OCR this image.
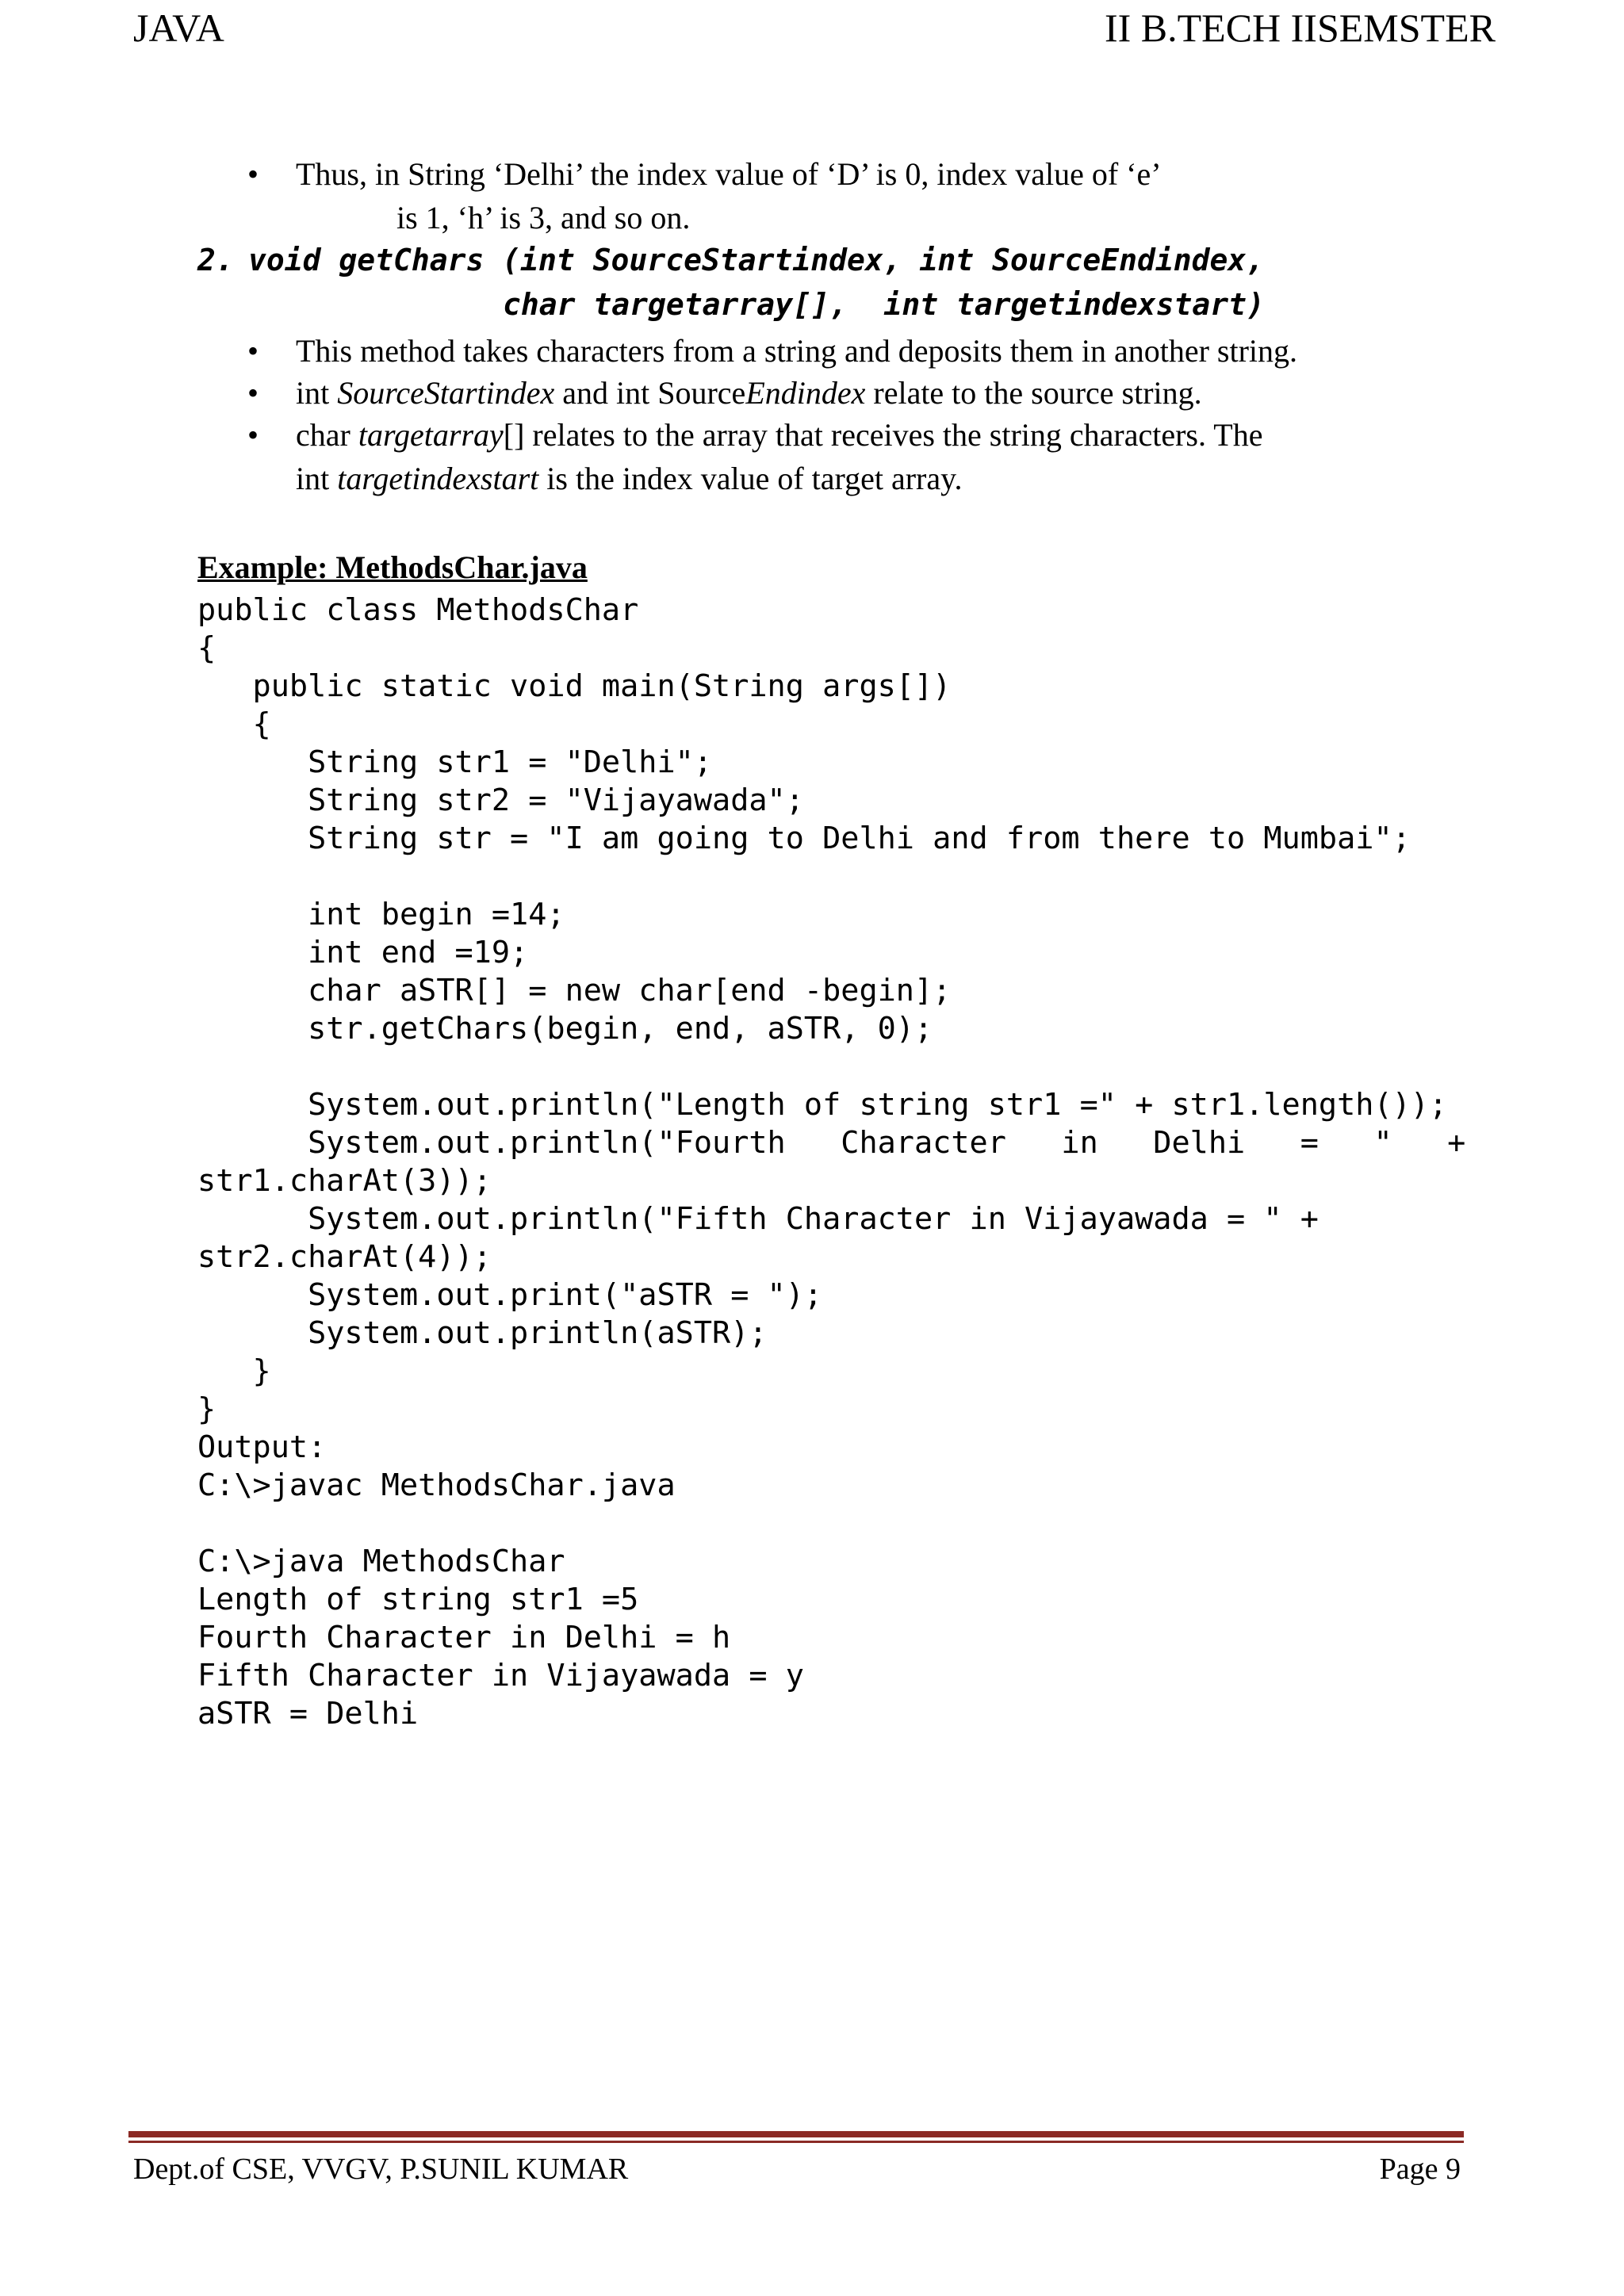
JAVA	II B.TECH IISEMSTER
• Thus, in String ‘Delhi’ the index value of ‘D’ is 0, index value of ‘e’
is 1, ‘h’ is 3, and so on.
2. void getChars (int SourceStartindex, int SourceEndindex,
char targetarray[],  int targetindexstart)
• This method takes characters from a string and deposits them in another string.
• int SourceStartindex and int SourceEndindex relate to the source string.
• char targetarray[] relates to the array that receives the string characters. The
int targetindexstart is the index value of target array.
Example: MethodsChar.java
public class MethodsChar
{
public static void main(String args[])
{
String str1 = "Delhi";
String str2 = "Vijayawada";
String str = "I am going to Delhi and from there to Mumbai";

int begin =14;
int end =19;
char aSTR[] = new char[end -begin];
str.getChars(begin, end, aSTR, 0);

System.out.println("Length of string str1 =" + str1.length());
System.out.println("Fourth   Character   in   Delhi   =   "   +
str1.charAt(3));
System.out.println("Fifth Character in Vijayawada = " +
str2.charAt(4));
System.out.print("aSTR = ");
System.out.println(aSTR);
}
}
Output:
C:\>javac MethodsChar.java

C:\>java MethodsChar
Length of string str1 =5
Fourth Character in Delhi = h
Fifth Character in Vijayawada = y
aSTR = Delhi
Dept.of CSE, VVGV, P.SUNIL KUMAR	Page 9
